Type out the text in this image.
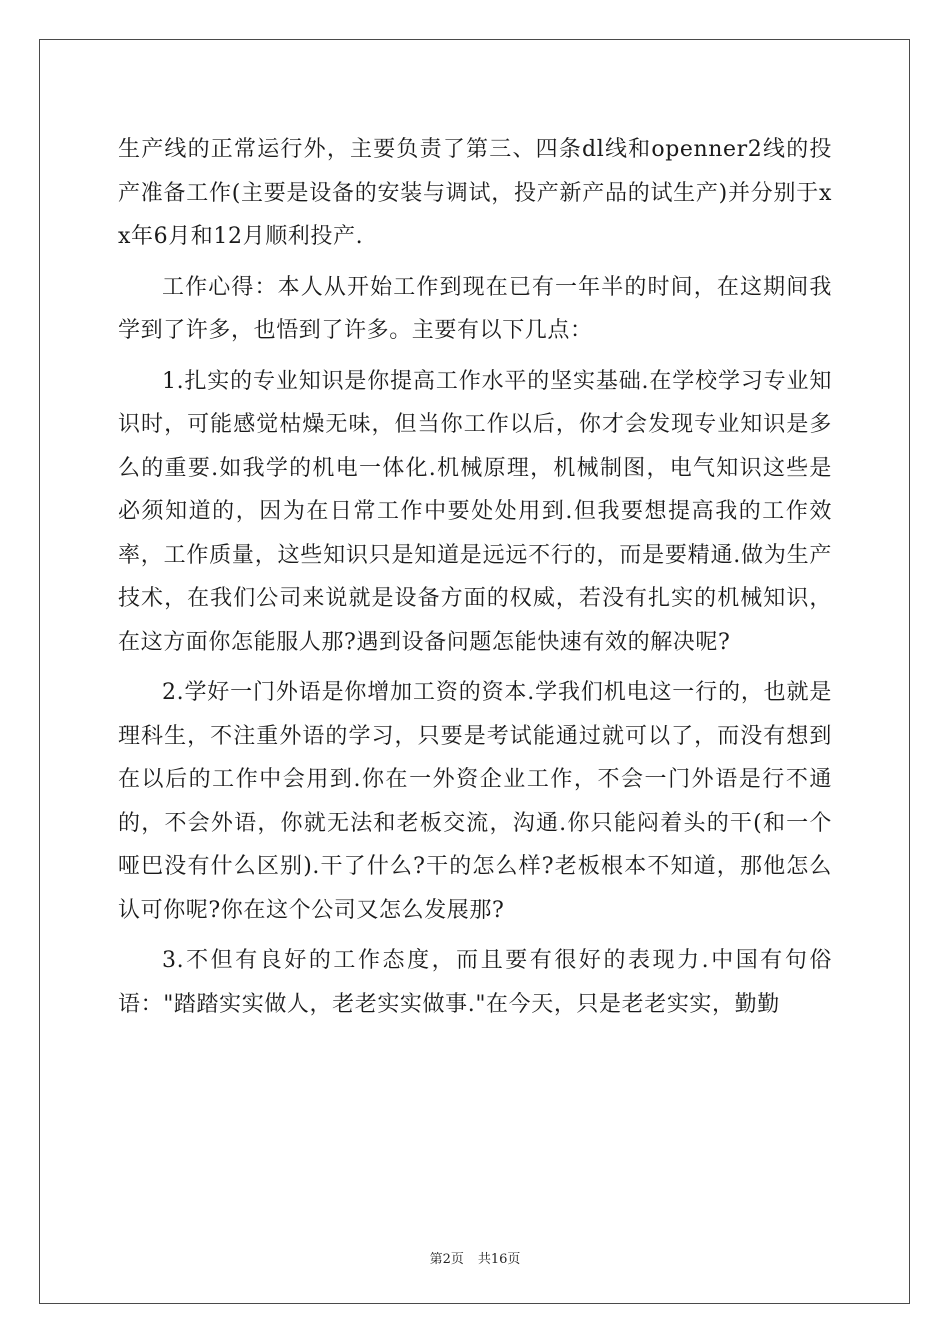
生产线的正常运行外，主要负责了第三、四条dl线和openner2线的投产准备工作(主要是设备的安装与调试，投产新产品的试生产)并分别于xx年6月和12月顺利投产.

工作心得：本人从开始工作到现在已有一年半的时间，在这期间我学到了许多，也悟到了许多。主要有以下几点：

1.扎实的专业知识是你提高工作水平的坚实基础.在学校学习专业知识时，可能感觉枯燥无味，但当你工作以后，你才会发现专业知识是多么的重要.如我学的机电一体化.机械原理，机械制图，电气知识这些是必须知道的，因为在日常工作中要处处用到.但我要想提高我的工作效率，工作质量，这些知识只是知道是远远不行的，而是要精通.做为生产技术，在我们公司来说就是设备方面的权威，若没有扎实的机械知识，在这方面你怎能服人那?遇到设备问题怎能快速有效的解决呢?

2.学好一门外语是你增加工资的资本.学我们机电这一行的，也就是理科生，不注重外语的学习，只要是考试能通过就可以了，而没有想到在以后的工作中会用到.你在一外资企业工作，不会一门外语是行不通的，不会外语，你就无法和老板交流，沟通.你只能闷着头的干(和一个哑巴没有什么区别).干了什么?干的怎么样?老板根本不知道，那他怎么认可你呢?你在这个公司又怎么发展那?

3.不但有良好的工作态度，而且要有很好的表现力.中国有句俗语："踏踏实实做人，老老实实做事."在今天，只是老老实实，勤勤

第2页 共16页
